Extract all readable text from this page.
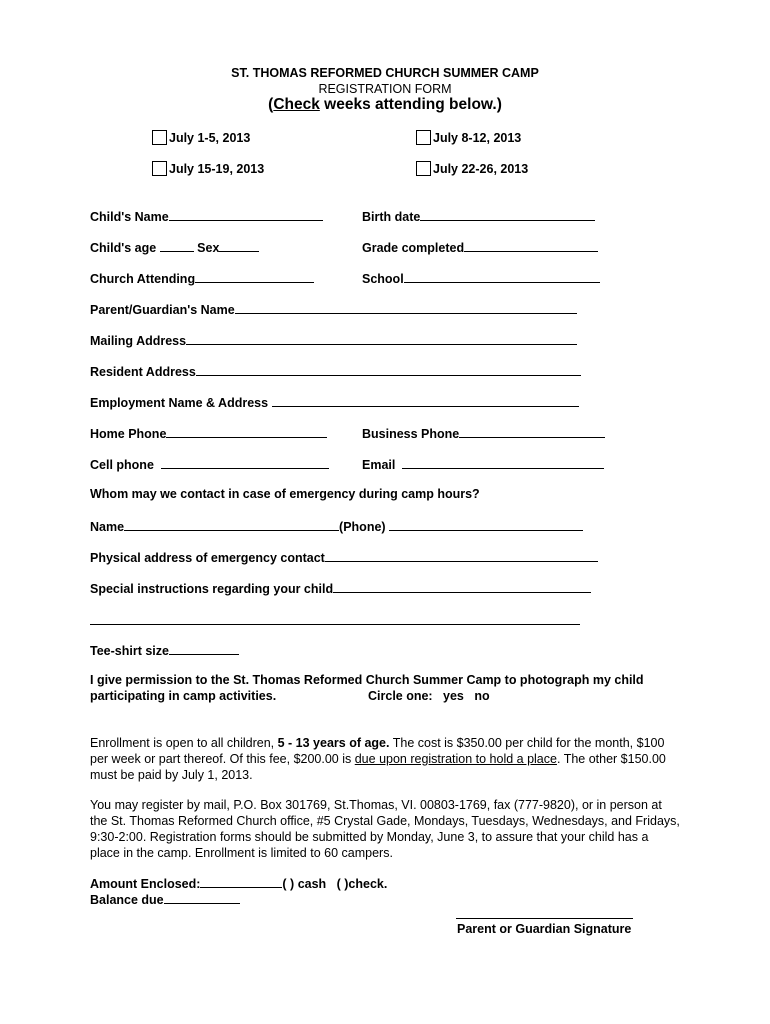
ST. THOMAS REFORMED CHURCH SUMMER CAMP
REGISTRATION FORM
(Check weeks attending below.)
July 1-5, 2013	July 8-12, 2013
July 15-19, 2013	July 22-26, 2013
Child's Name	Birth date
Child's age	Sex	Grade completed
Church Attending	School
Parent/Guardian's Name
Mailing Address
Resident Address
Employment Name & Address
Home Phone	Business Phone
Cell phone	Email
Whom may we contact in case of emergency during camp hours?
Name	(Phone)
Physical address of emergency contact
Special instructions regarding your child
Tee-shirt size
I give permission to the St. Thomas Reformed Church Summer Camp to photograph my child
participating in camp activities.	Circle one: yes no
Enrollment is open to all children, 5 - 13 years of age. The cost is $350.00 per child for the month, $100 per week or part thereof. Of this fee, $200.00 is due upon registration to hold a place. The other $150.00 must be paid by July 1, 2013.
You may register by mail, P.O. Box 301769, St.Thomas, VI. 00803-1769, fax (777-9820), or in person at the St. Thomas Reformed Church office, #5 Crystal Gade, Mondays, Tuesdays, Wednesdays, and Fridays, 9:30-2:00. Registration forms should be submitted by Monday, June 3, to assure that your child has a place in the camp. Enrollment is limited to 60 campers.
Amount Enclosed:	( ) cash ( )check.
Balance due
Parent or Guardian Signature
